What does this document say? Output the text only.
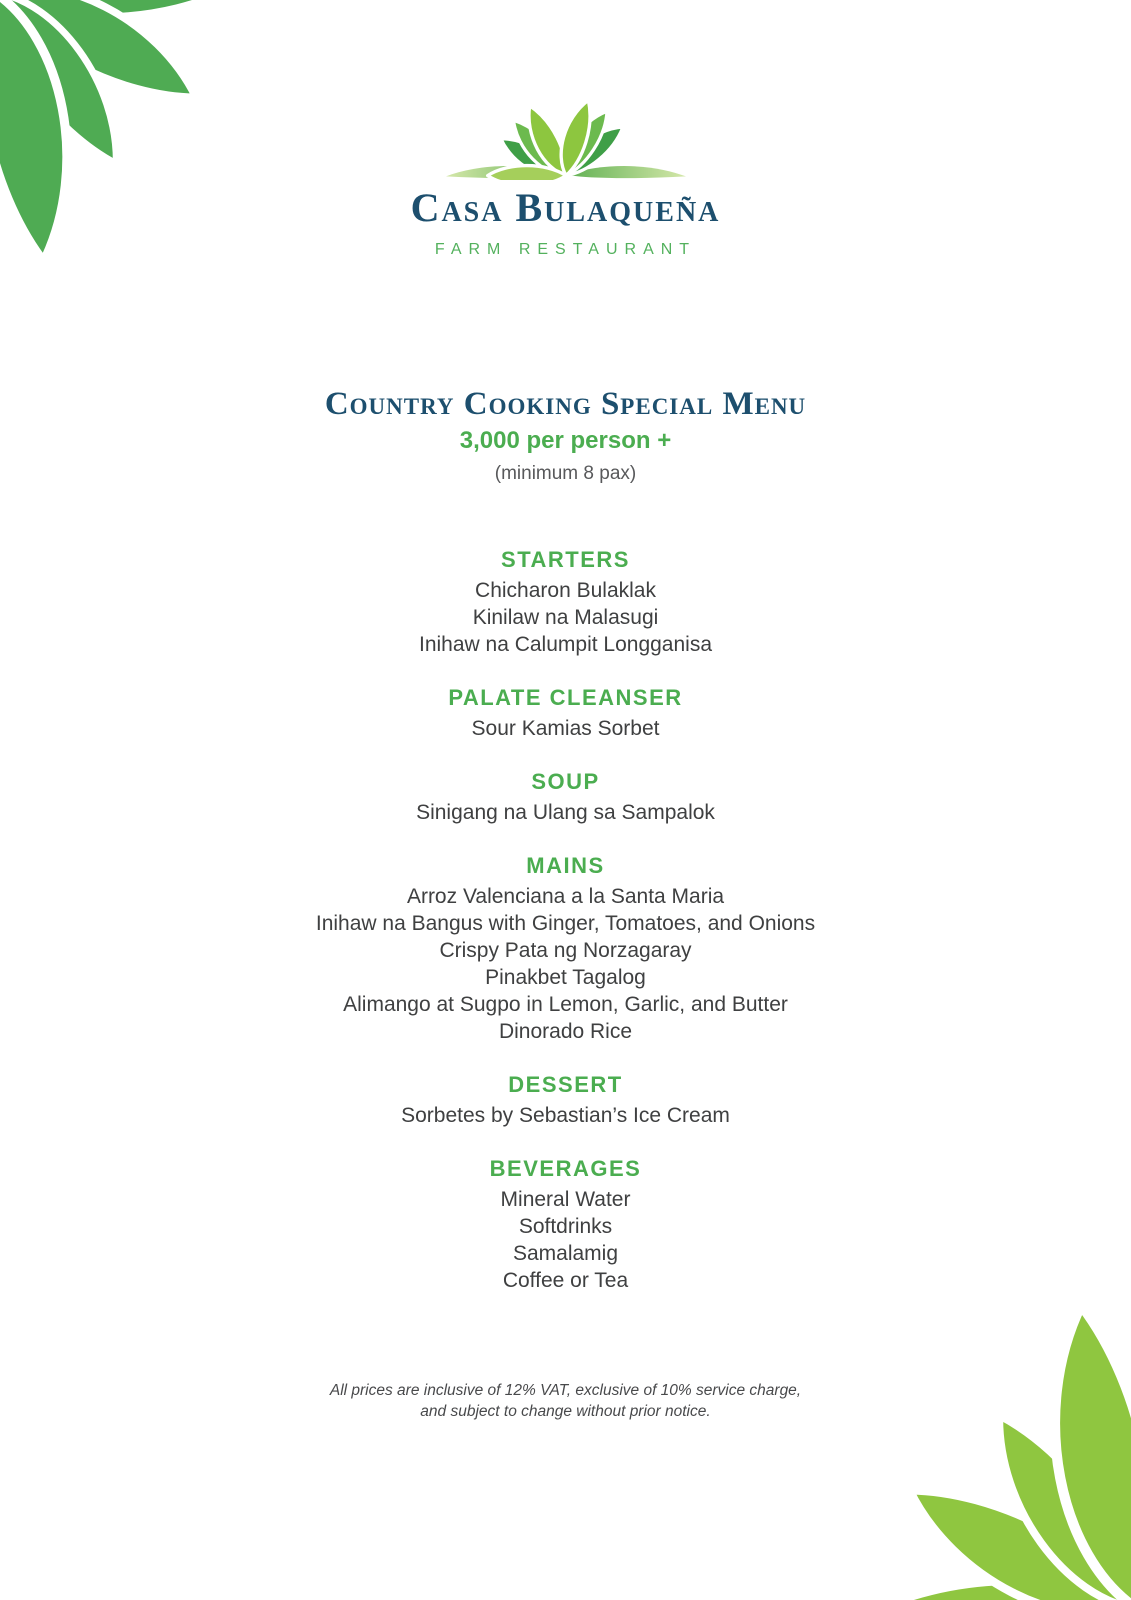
Casa Bulaqueña
FARM RESTAURANT
Country Cooking Special Menu
3,000 per person +
(minimum 8 pax)
STARTERS
Chicharon Bulaklak
Kinilaw na Malasugi
Inihaw na Calumpit Longganisa
PALATE CLEANSER
Sour Kamias Sorbet
SOUP
Sinigang na Ulang sa Sampalok
MAINS
Arroz Valenciana a la Santa Maria
Inihaw na Bangus with Ginger, Tomatoes, and Onions
Crispy Pata ng Norzagaray
Pinakbet Tagalog
Alimango at Sugpo in Lemon, Garlic, and Butter
Dinorado Rice
DESSERT
Sorbetes by Sebastian’s Ice Cream
BEVERAGES
Mineral Water
Softdrinks
Samalamig
Coffee or Tea
All prices are inclusive of 12% VAT, exclusive of 10% service charge,
and subject to change without prior notice.
